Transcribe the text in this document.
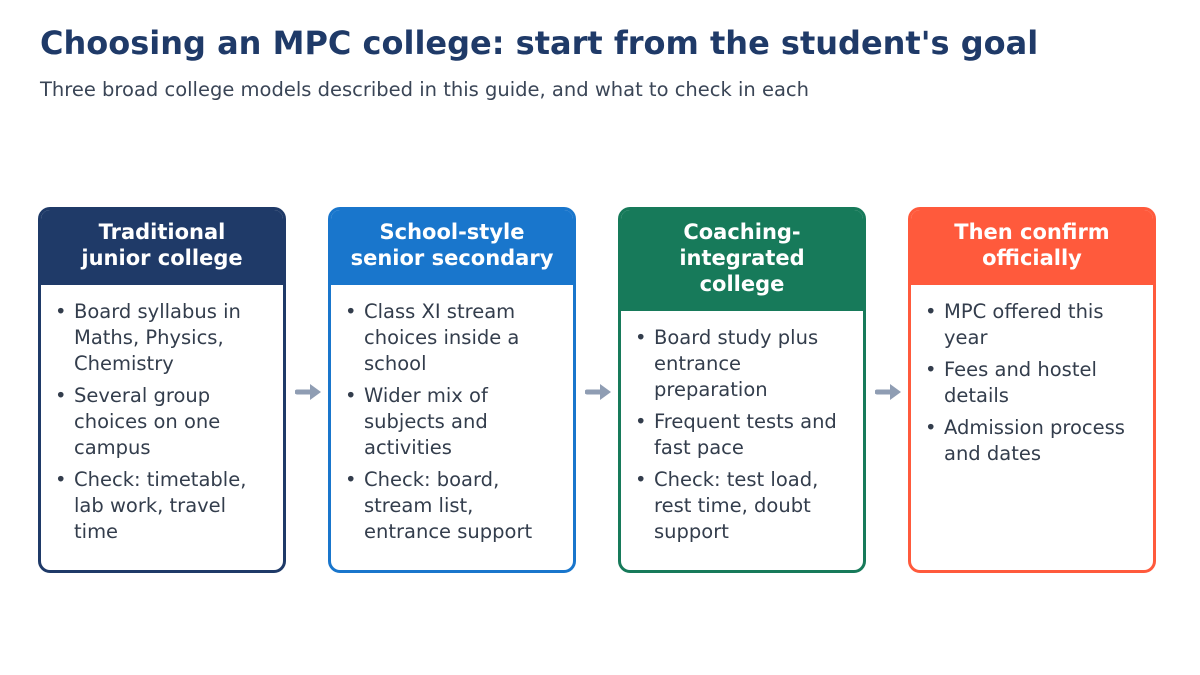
Choosing an MPC college: start from the student's goal
Three broad college models described in this guide, and what to check in each
Traditional
junior college
• Board syllabus in
Maths, Physics,
Chemistry
• Several group
choices on one
campus
• Check: timetable,
lab work, travel
time
School-style
senior secondary
• Class XI stream
choices inside a
school
• Wider mix of
subjects and
activities
• Check: board,
stream list,
entrance support
Coaching-
integrated
college
• Board study plus
entrance
preparation
• Frequent tests and
fast pace
• Check: test load,
rest time, doubt
support
Then confirm
officially
• MPC offered this
year
• Fees and hostel
details
• Admission process
and dates
